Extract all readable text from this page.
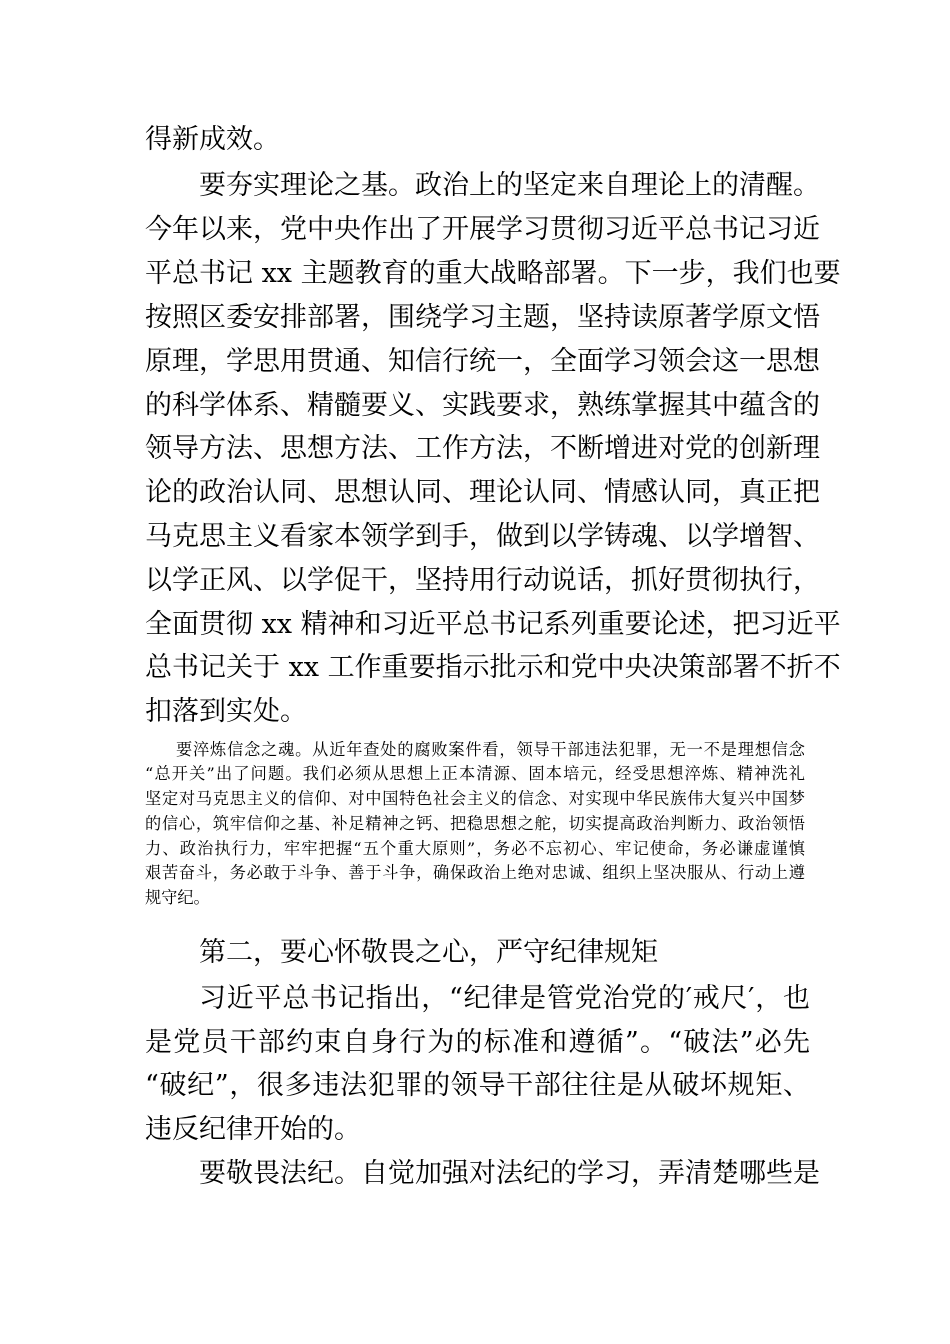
得新成效。
要夯实理论之基。政治上的坚定来自理论上的清醒。
今年以来，党中央作出了开展学习贯彻习近平总书记习近
平总书记 xx 主题教育的重大战略部署。下一步，我们也要
按照区委安排部署，围绕学习主题，坚持读原著学原文悟
原理，学思用贯通、知信行统一，全面学习领会这一思想
的科学体系、精髓要义、实践要求，熟练掌握其中蕴含的
领导方法、思想方法、工作方法，不断增进对党的创新理
论的政治认同、思想认同、理论认同、情感认同，真正把
马克思主义看家本领学到手，做到以学铸魂、以学增智、
以学正风、以学促干，坚持用行动说话，抓好贯彻执行，
全面贯彻 xx 精神和习近平总书记系列重要论述，把习近平
总书记关于 xx 工作重要指示批示和党中央决策部署不折不
扣落到实处。
要淬炼信念之魂。从近年查处的腐败案件看，领导干部违法犯罪，无一不是理想信念
“总开关”出了问题。我们必须从思想上正本清源、固本培元，经受思想淬炼、精神洗礼
坚定对马克思主义的信仰、对中国特色社会主义的信念、对实现中华民族伟大复兴中国梦
的信心，筑牢信仰之基、补足精神之钙、把稳思想之舵，切实提高政治判断力、政治领悟
力、政治执行力，牢牢把握“五个重大原则”，务必不忘初心、牢记使命，务必谦虚谨慎
艰苦奋斗，务必敢于斗争、善于斗争，确保政治上绝对忠诚、组织上坚决服从、行动上遵
规守纪。
第二，要心怀敬畏之心，严守纪律规矩
习近平总书记指出，“纪律是管党治党的′戒尺′，也
是党员干部约束自身行为的标准和遵循”。“破法”必先
“破纪”，很多违法犯罪的领导干部往往是从破坏规矩、
违反纪律开始的。
要敬畏法纪。自觉加强对法纪的学习，弄清楚哪些是
